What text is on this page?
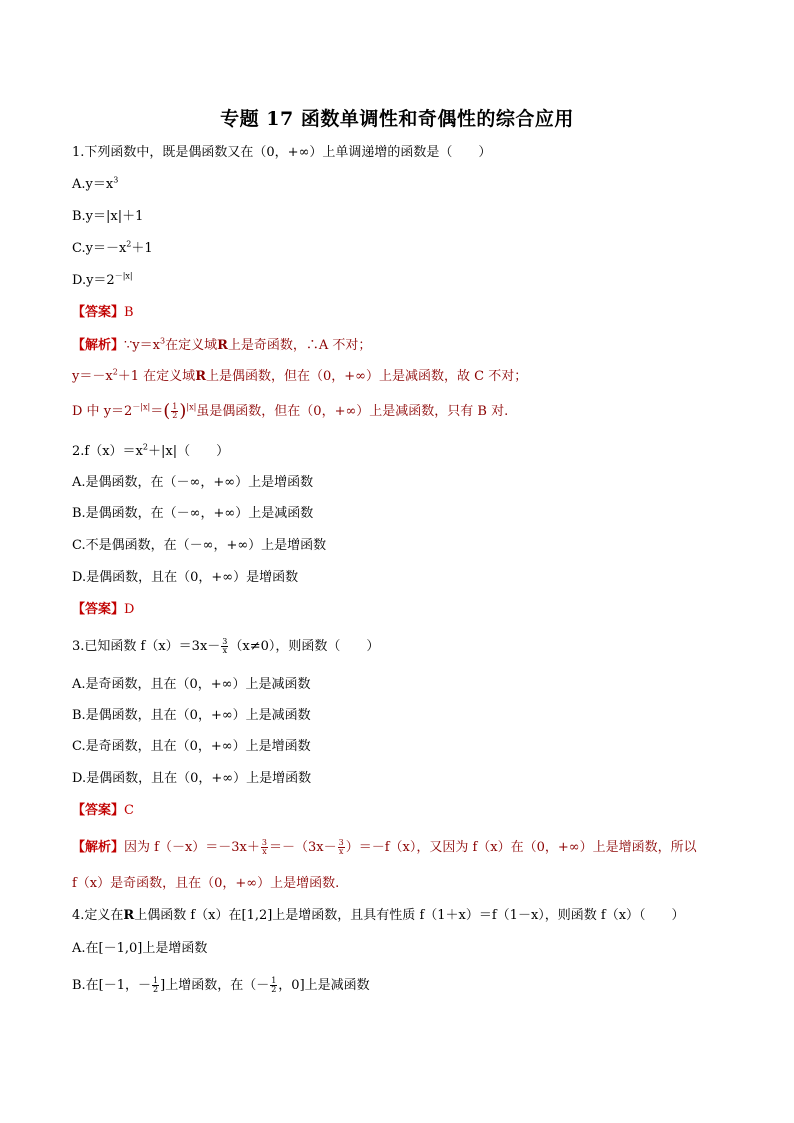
专题 17 函数单调性和奇偶性的综合应用
1.下列函数中，既是偶函数又在（0，+∞）上单调递增的函数是（　　）
$A.y=x^3$
B.y＝|x|＋1
$C.y=-x^2+1$
$D.y=2^{-|x|}$
【答案】B
【解析】$\because y=x^3$在定义域R上是奇函数，∴A 不对；
$y=-x^2+1$ 在定义域R上是偶函数，但在（0，+∞）上是减函数，故 C 不对；
D 中 $y=2^{-|x|}=( \frac{1}{2} )^{|x|}$虽是偶函数，但在（0，+∞）上是减函数，只有 B 对.
$2.f(x)=x^2+|x|$（　　）
A.是偶函数，在（－∞，+∞）上是增函数
B.是偶函数，在（－∞，+∞）上是减函数
C.不是偶函数，在（－∞，+∞）上是增函数
D.是偶函数，且在（0，+∞）是增函数
【答案】D
3.已知函数 $f(x)=3x- \frac{3}{x} (x\ne 0)$，则函数（　　）
A.是奇函数，且在（0，+∞）上是减函数
B.是偶函数，且在（0，+∞）上是减函数
C.是奇函数，且在（0，+∞）上是增函数
D.是偶函数，且在（0，+∞）上是增函数
【答案】C
【解析】因为 $f(-x)=-3x+ \frac{3}{x} =-(3x- \frac{3}{x} )=-f(x)$，又因为 f（x）在（0，+∞）上是增函数，所以
f（x）是奇函数，且在（0，+∞）上是增函数.
4.定义在R上偶函数 f（x）在[1,2]上是增函数，且具有性质 f（1＋x）＝f（1－x），则函数 f（x）（　　）
A.在[－1,0]上是增函数
B.在[－1，－ $\frac{1}{2}$ ]上增函数，在（－ $\frac{1}{2}$ ，0]上是减函数
